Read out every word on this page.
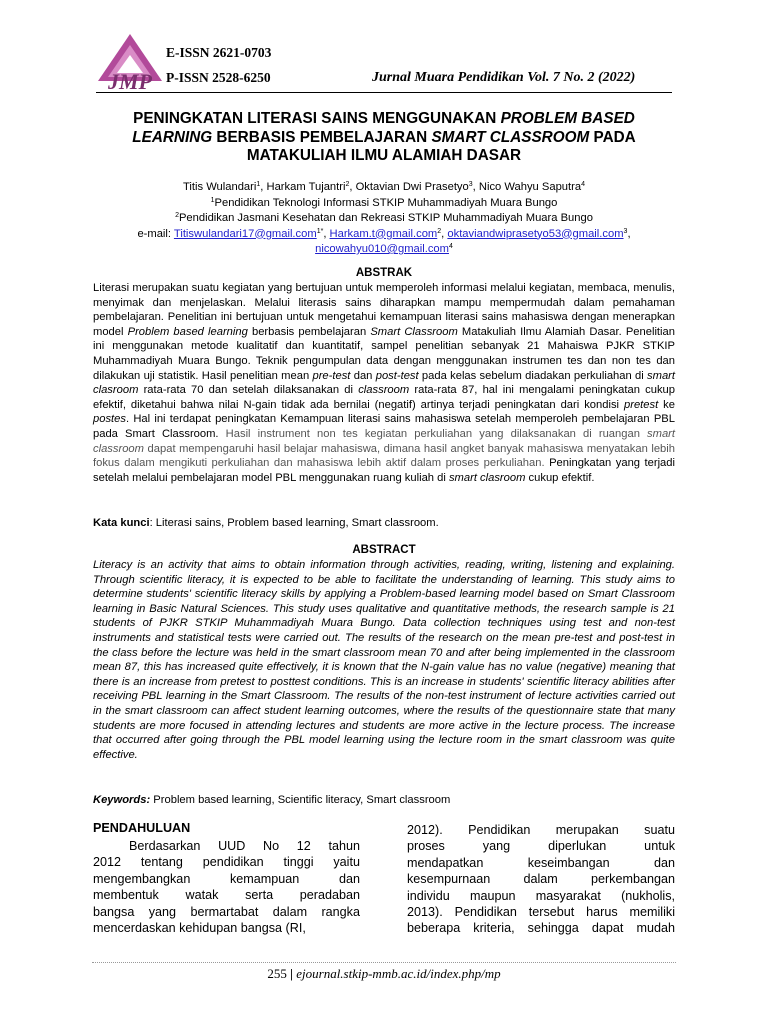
JMP
E-ISSN 2621-0703
P-ISSN 2528-6250	Jurnal Muara Pendidikan Vol. 7 No. 2 (2022)
PENINGKATAN LITERASI SAINS MENGGUNAKAN PROBLEM BASED
LEARNING BERBASIS PEMBELAJARAN SMART CLASSROOM PADA
MATAKULIAH ILMU ALAMIAH DASAR
Titis Wulandari$^1$, Harkam Tujantri$^2$, Oktavian Dwi Prasetyo$^3$, Nico Wahyu Saputra$^4$
$^1$Pendidikan Teknologi Informasi STKIP Muhammadiyah Muara Bungo
$^2$Pendidikan Jasmani Kesehatan dan Rekreasi STKIP Muhammadiyah Muara Bungo
e-mail: Titiswulandari17@gmail.com$^{1*}$, Harkam.t@gmail.com$^2$, oktaviandwiprasetyo53@gmail.com$^3$,
nicowahyu010@gmail.com$^4$
ABSTRAK
Literasi merupakan suatu kegiatan yang bertujuan untuk memperoleh informasi melalui kegiatan, membaca, menulis, menyimak dan menjelaskan. Melalui literasis sains diharapkan mampu mempermudah dalam pemahaman pembelajaran. Penelitian ini bertujuan untuk mengetahui kemampuan literasi sains mahasiswa dengan menerapkan model Problem based learning berbasis pembelajaran Smart Classroom Matakuliah Ilmu Alamiah Dasar. Penelitian ini menggunakan metode kualitatif dan kuantitatif, sampel penelitian sebanyak 21 Mahaiswa PJKR STKIP Muhammadiyah Muara Bungo. Teknik pengumpulan data dengan menggunakan instrumen tes dan non tes dan dilakukan uji statistik. Hasil penelitian mean pre-test dan post-test pada kelas sebelum diadakan perkuliahan di smart clasroom rata-rata 70 dan setelah dilaksanakan di classroom rata-rata 87, hal ini mengalami peningkatan cukup efektif, diketahui bahwa nilai N-gain tidak ada bernilai (negatif) artinya terjadi peningkatan dari kondisi pretest ke postes. Hal ini terdapat peningkatan Kemampuan literasi sains mahasiswa setelah memperoleh pembelajaran PBL pada Smart Classroom. Hasil instrument non tes kegiatan perkuliahan yang dilaksanakan di ruangan smart classroom dapat mempengaruhi hasil belajar mahasiswa, dimana hasil angket banyak mahasiswa menyatakan lebih fokus dalam mengikuti perkuliahan dan mahasiswa lebih aktif dalam proses perkuliahan. Peningkatan yang terjadi setelah melalui pembelajaran model PBL menggunakan ruang kuliah di smart clasroom cukup efektif.
Kata kunci: Literasi sains, Problem based learning, Smart classroom.
ABSTRACT
Literacy is an activity that aims to obtain information through activities, reading, writing, listening and explaining. Through scientific literacy, it is expected to be able to facilitate the understanding of learning. This study aims to determine students' scientific literacy skills by applying a Problem-based learning model based on Smart Classroom learning in Basic Natural Sciences. This study uses qualitative and quantitative methods, the research sample is 21 students of PJKR STKIP Muhammadiyah Muara Bungo. Data collection techniques using test and non-test instruments and statistical tests were carried out. The results of the research on the mean pre-test and post-test in the class before the lecture was held in the smart classroom mean 70 and after being implemented in the classroom mean 87, this has increased quite effectively, it is known that the N-gain value has no value (negative) meaning that there is an increase from pretest to posttest conditions. This is an increase in students' scientific literacy abilities after receiving PBL learning in the Smart Classroom. The results of the non-test instrument of lecture activities carried out in the smart classroom can affect student learning outcomes, where the results of the questionnaire state that many students are more focused in attending lectures and students are more active in the lecture process. The increase that occurred after going through the PBL model learning using the lecture room in the smart classroom was quite effective.
Keywords: Problem based learning, Scientific literacy, Smart classroom
PENDAHULUAN
Berdasarkan UUD No 12 tahun
2012 tentang pendidikan tinggi yaitu
mengembangkan kemampuan dan
membentuk watak serta peradaban
bangsa yang bermartabat dalam rangka
mencerdaskan kehidupan bangsa (RI,
2012). Pendidikan merupakan suatu
proses yang diperlukan untuk
mendapatkan keseimbangan dan
kesempurnaan dalam perkembangan
individu maupun masyarakat (nukholis,
2013). Pendidikan tersebut harus memiliki
beberapa kriteria, sehingga dapat mudah
255 | ejournal.stkip-mmb.ac.id/index.php/mp
